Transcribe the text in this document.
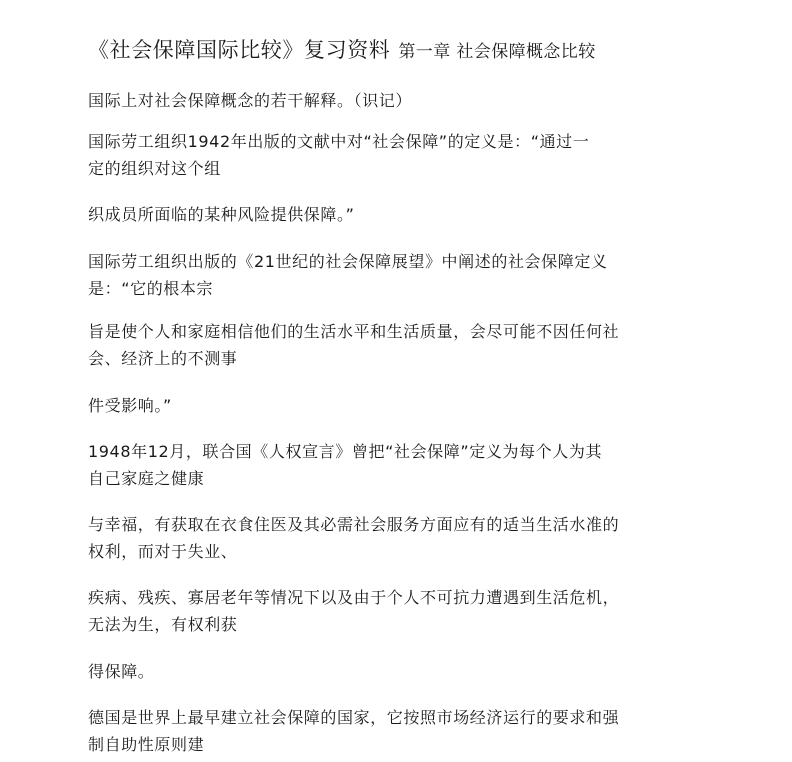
《社会保障国际比较》复习资料 第一章 社会保障概念比较
国际上对社会保障概念的若干解释。（识记）
国际劳工组织1942年出版的文献中对“社会保障”的定义是：“通过一
定的组织对这个组
织成员所面临的某种风险提供保障。”
国际劳工组织出版的《21世纪的社会保障展望》中阐述的社会保障定义
是：“它的根本宗
旨是使个人和家庭相信他们的生活水平和生活质量，会尽可能不因任何社
会、经济上的不测事
件受影响。”
1948年12月，联合国《人权宣言》曾把“社会保障”定义为每个人为其
自己家庭之健康
与幸福，有获取在衣食住医及其必需社会服务方面应有的适当生活水准的
权利，而对于失业、
疾病、残疾、寡居老年等情况下以及由于个人不可抗力遭遇到生活危机，
无法为生，有权利获
得保障。
德国是世界上最早建立社会保障的国家，它按照市场经济运行的要求和强
制自助性原则建
